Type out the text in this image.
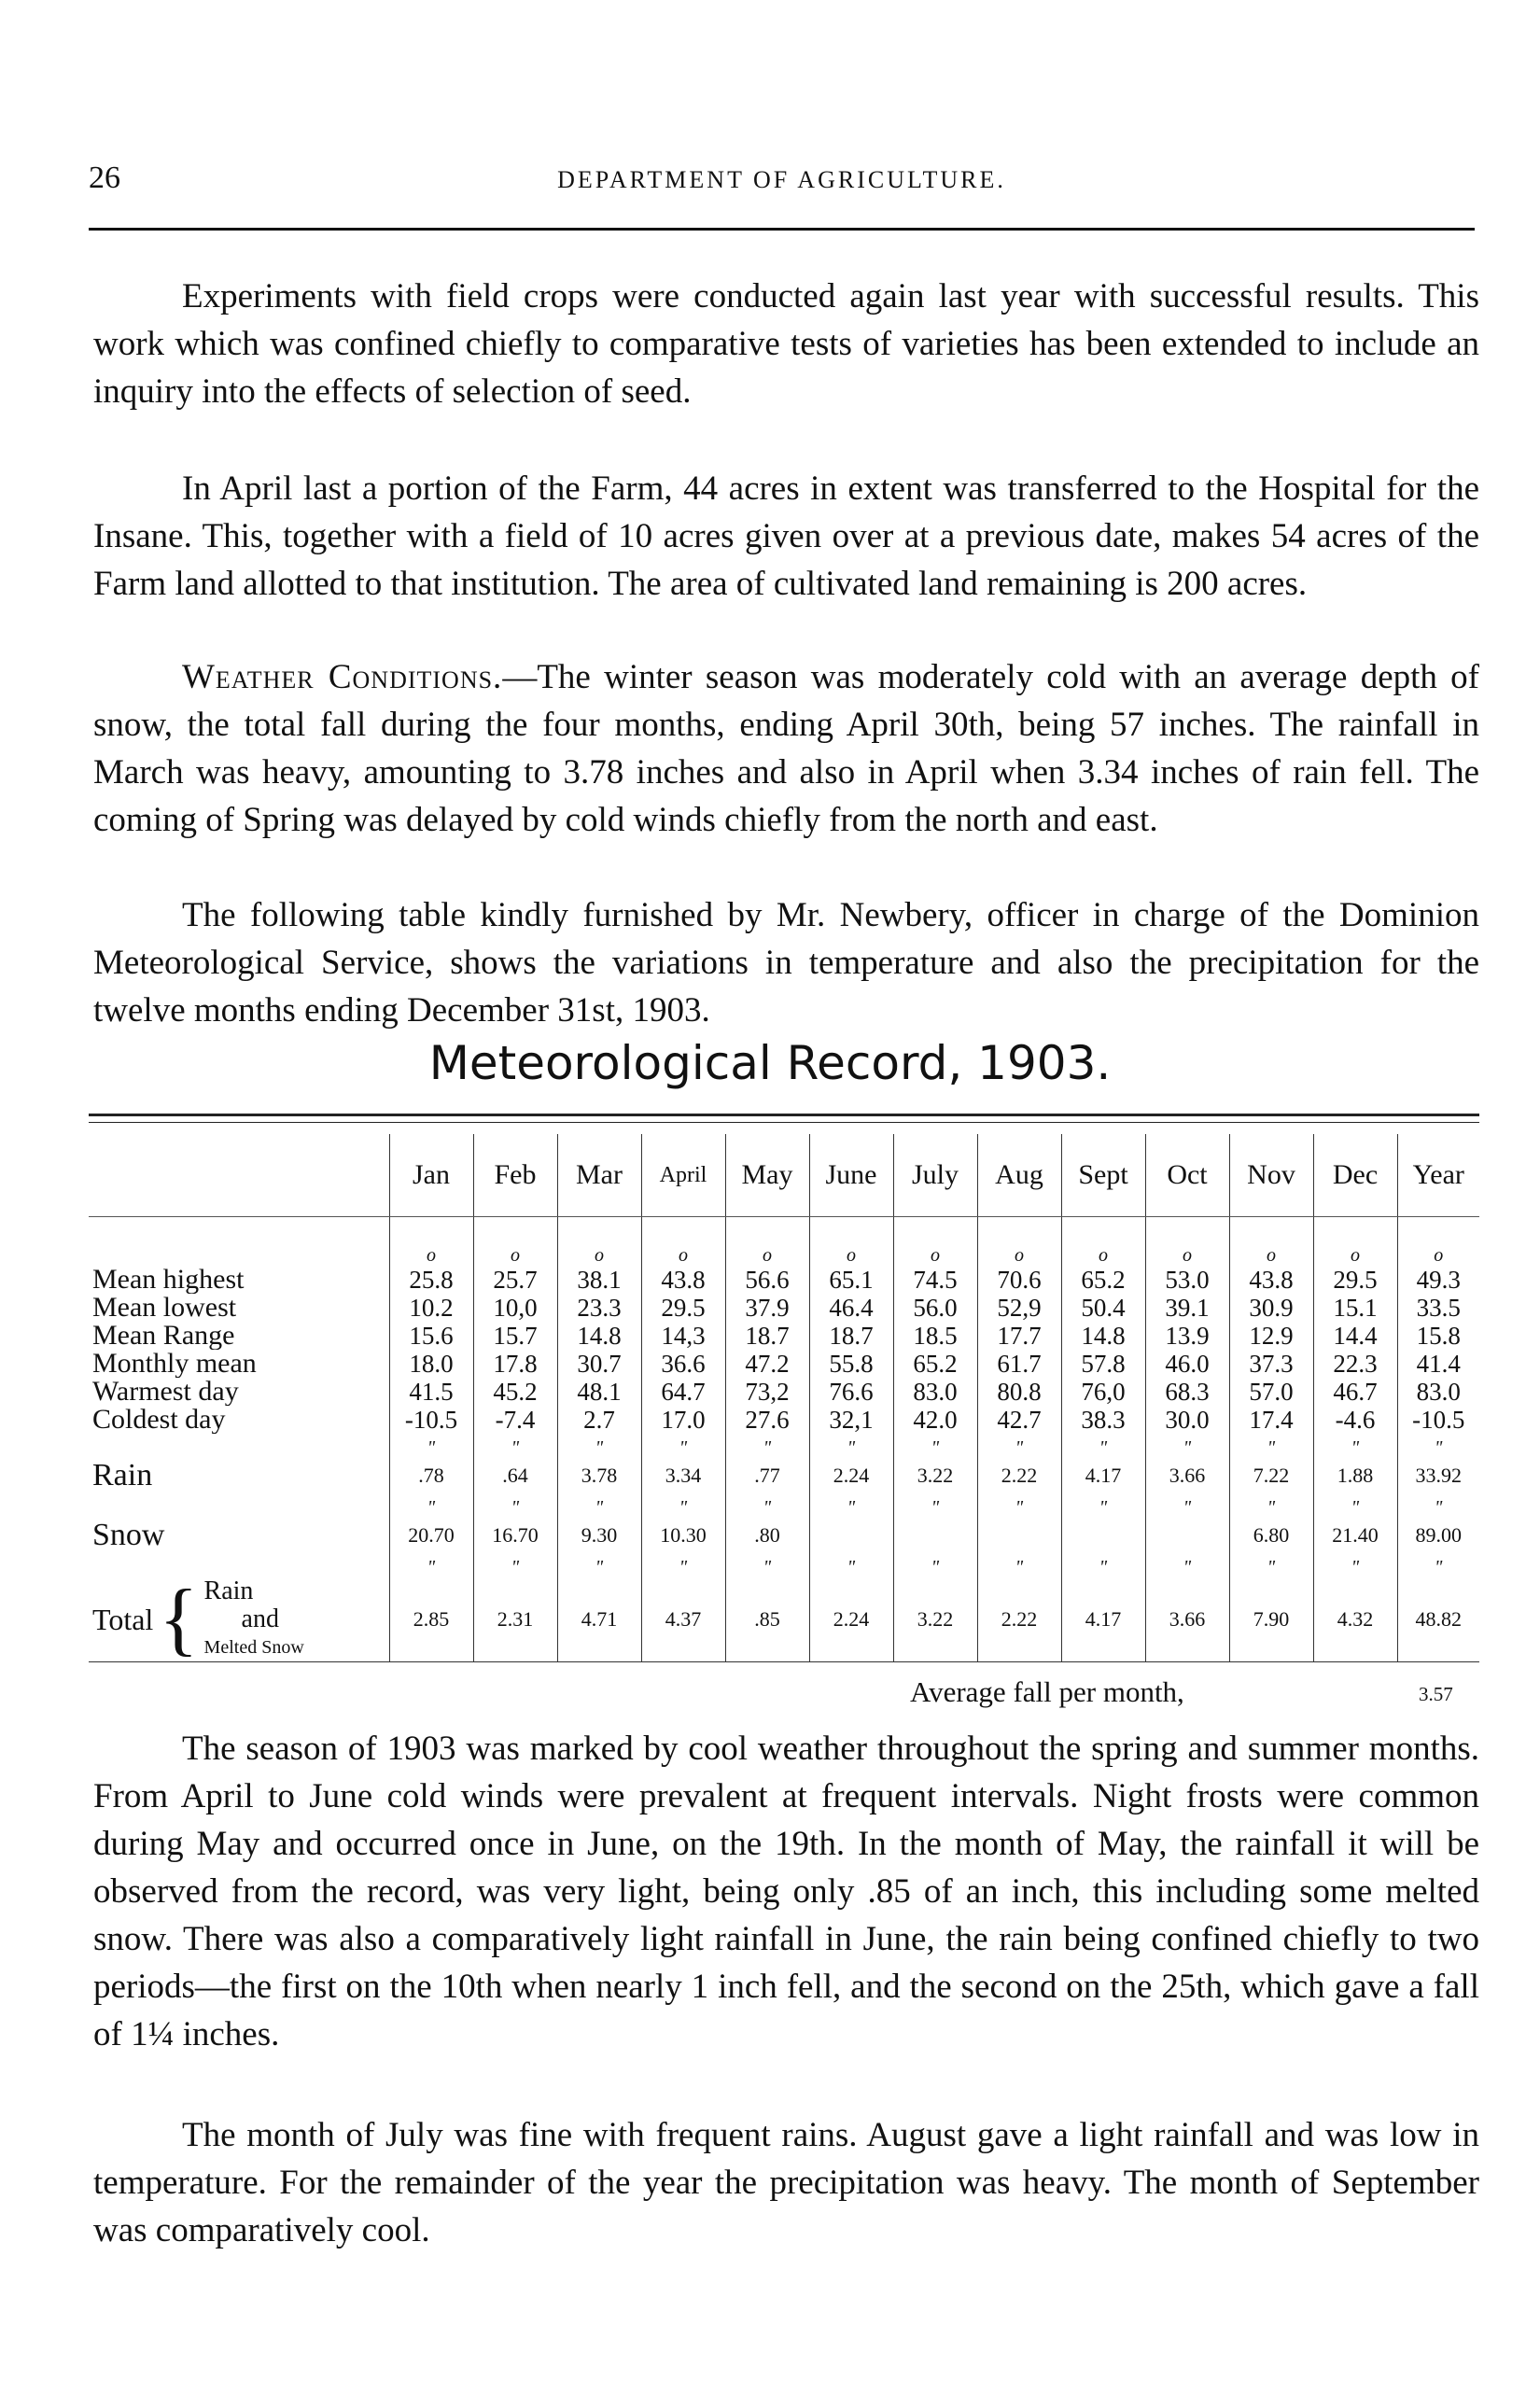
26	DEPARTMENT OF AGRICULTURE.

Experiments with field crops were conducted again last year with successful results. This work which was confined chiefly to comparative tests of varieties has been extended to include an inquiry into the effects of selection of seed.

In April last a portion of the Farm, 44 acres in extent was transferred to the Hospital for the Insane. This, together with a field of 10 acres given over at a previous date, makes 54 acres of the Farm land allotted to that institution. The area of cultivated land remaining is 200 acres.

Weather Conditions.—The winter season was moderately cold with an average depth of snow, the total fall during the four months, ending April 30th, being 57 inches. The rainfall in March was heavy, amounting to 3.78 inches and also in April when 3.34 inches of rain fell. The coming of Spring was delayed by cold winds chiefly from the north and east.

The following table kindly furnished by Mr. Newbery, officer in charge of the Dominion Meteorological Service, shows the variations in temperature and also the precipitation for the twelve months ending December 31st, 1903.

Meteorological Record, 1903.
	Jan	Feb	Mar	April	May	June	July	Aug	Sept	Oct	Nov	Dec	Year
	o	o	o	o	o	o	o	o	o	o	o	o	o
Mean highest	25.8	25.7	38.1	43.8	56.6	65.1	74.5	70.6	65.2	53.0	43.8	29.5	49.3
Mean lowest	10.2	10,0	23.3	29.5	37.9	46.4	56.0	52,9	50.4	39.1	30.9	15.1	33.5
Mean Range	15.6	15.7	14.8	14,3	18.7	18.7	18.5	17.7	14.8	13.9	12.9	14.4	15.8
Monthly mean	18.0	17.8	30.7	36.6	47.2	55.8	65.2	61.7	57.8	46.0	37.3	22.3	41.4
Warmest day	41.5	45.2	48.1	64.7	73,2	76.6	83.0	80.8	76,0	68.3	57.0	46.7	83.0
Coldest day	-10.5	-7.4	2.7	17.0	27.6	32,1	42.0	42.7	38.3	30.0	17.4	-4.6	-10.5
	"	"	"	"	"	"	"	"	"	"	"	"	"
Rain	.78	.64	3.78	3.34	.77	2.24	3.22	2.22	4.17	3.66	7.22	1.88	33.92
	"	"	"	"	"	"	"	"	"	"	"	"	"
Snow	20.70	16.70	9.30	10.30	.80						6.80	21.40	89.00
	"	"	"	"	"	"	"	"	"	"	"	"	"

Total { Rain
and
Melted Snow	2.85	2.31	4.71	4.37	.85	2.24	3.22	2.22	4.17	3.66	7.90	4.32	48.82
Average fall per month,	3.57

The season of 1903 was marked by cool weather throughout the spring and summer months. From April to June cold winds were prevalent at frequent intervals. Night frosts were common during May and occurred once in June, on the 19th. In the month of May, the rainfall it will be observed from the record, was very light, being only .85 of an inch, this including some melted snow. There was also a comparatively light rainfall in June, the rain being confined chiefly to two periods—the first on the 10th when nearly 1 inch fell, and the second on the 25th, which gave a fall of 1¼ inches.

The month of July was fine with frequent rains. August gave a light rainfall and was low in temperature. For the remainder of the year the precipitation was heavy. The month of September was comparatively cool.
